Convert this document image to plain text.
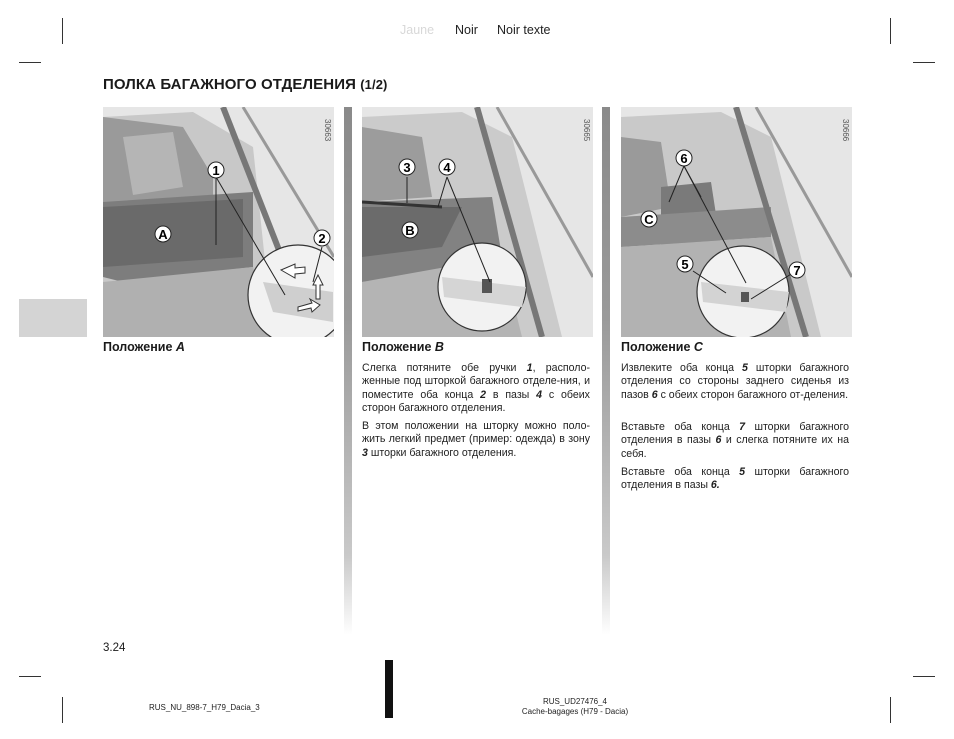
Jaune Noir Noir texte
ПОЛКА БАГАЖНОГО ОТДЕЛЕНИЯ (1/2)
1
2
A
30663
3	4
B
30665
6
C
5	7
30666
Положение A	Положение B	Положение C

Слегка потяните обе ручки 1, располо-женные под шторкой багажного отделе-ния, и поместите оба конца 2 в пазы 4 с обеих сторон багажного отделения.

В этом положении на шторку можно поло-жить легкий предмет (пример: одежда) в зону 3 шторки багажного отделения.

Извлеките оба конца 5 шторки багажного отделения со стороны заднего сиденья из пазов 6 с обеих сторон багажного от-деления.

Вставьте оба конца 7 шторки багажного отделения в пазы 6 и слегка потяните их на себя.

Вставьте оба конца 5 шторки багажного отделения в пазы 6.

3.24
RUS_NU_898-7_H79_Dacia_3
RUS_UD27476_4
Cache-bagages (H79 - Dacia)
